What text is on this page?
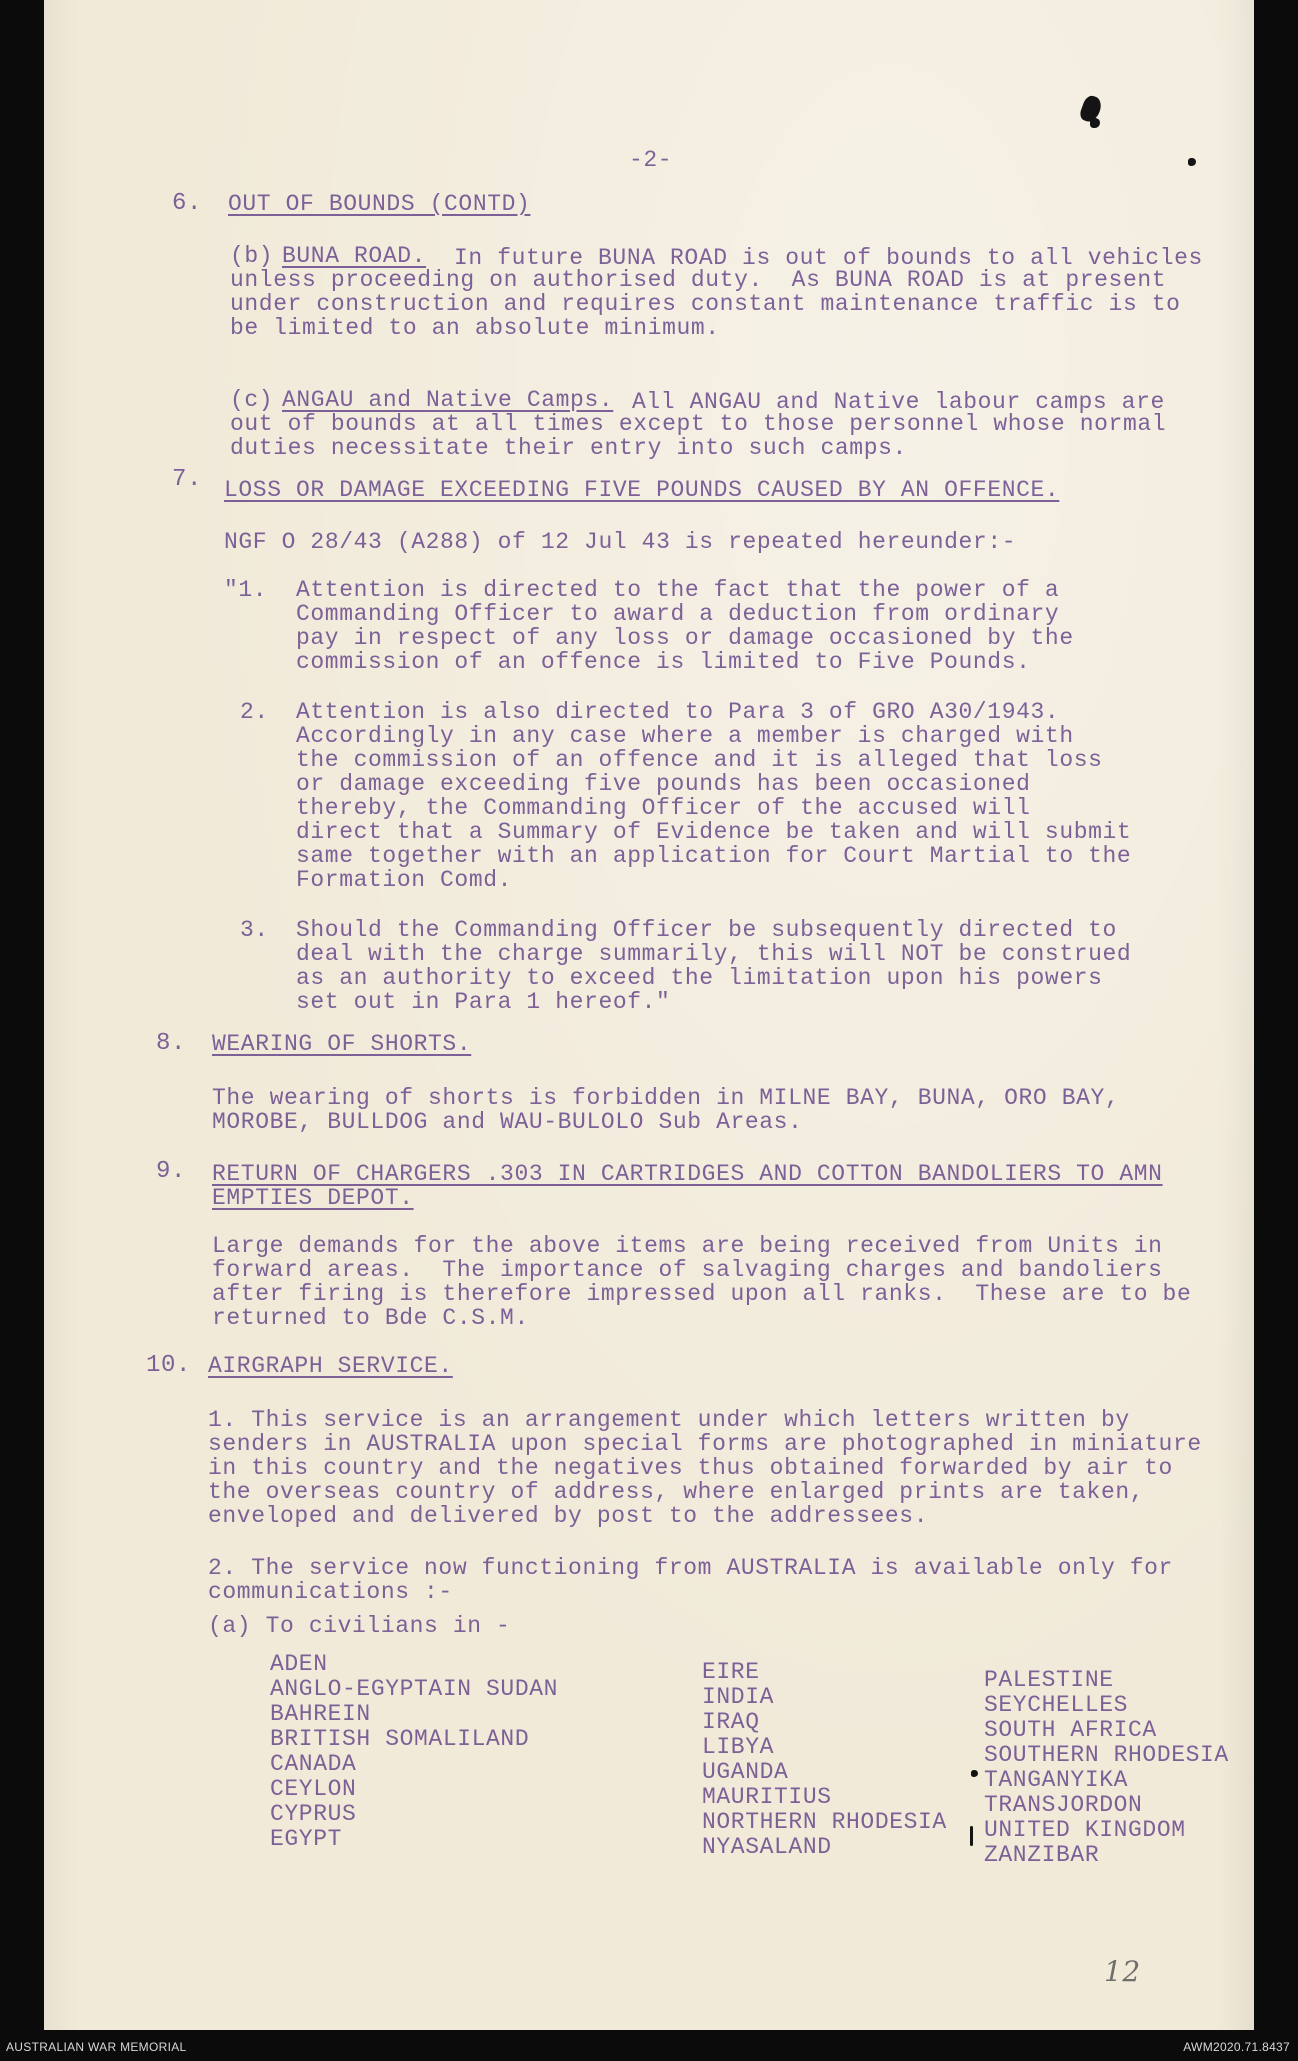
-2-
6. OUT OF BOUNDS (CONTD)
(b) BUNA ROAD. In future BUNA ROAD is out of bounds to all vehicles
unless proceeding on authorised duty.  As BUNA ROAD is at present
under construction and requires constant maintenance traffic is to
be limited to an absolute minimum.
(c) ANGAU and Native Camps. All ANGAU and Native labour camps are
out of bounds at all times except to those personnel whose normal
duties necessitate their entry into such camps.
7. LOSS OR DAMAGE EXCEEDING FIVE POUNDS CAUSED BY AN OFFENCE.
NGF O 28/43 (A288) of 12 Jul 43 is repeated hereunder:-
"1. Attention is directed to the fact that the power of a
Commanding Officer to award a deduction from ordinary
pay in respect of any loss or damage occasioned by the
commission of an offence is limited to Five Pounds.
2. Attention is also directed to Para 3 of GRO A30/1943.
Accordingly in any case where a member is charged with
the commission of an offence and it is alleged that loss
or damage exceeding five pounds has been occasioned
thereby, the Commanding Officer of the accused will
direct that a Summary of Evidence be taken and will submit
same together with an application for Court Martial to the
Formation Comd.
3. Should the Commanding Officer be subsequently directed to
deal with the charge summarily, this will NOT be construed
as an authority to exceed the limitation upon his powers
set out in Para 1 hereof."
8. WEARING OF SHORTS.
The wearing of shorts is forbidden in MILNE BAY, BUNA, ORO BAY,
MOROBE, BULLDOG and WAU-BULOLO Sub Areas.
9. RETURN OF CHARGERS .303 IN CARTRIDGES AND COTTON BANDOLIERS TO AMN
EMPTIES DEPOT.
Large demands for the above items are being received from Units in
forward areas.  The importance of salvaging charges and bandoliers
after firing is therefore impressed upon all ranks.  These are to be
returned to Bde C.S.M.
10. AIRGRAPH SERVICE.
1. This service is an arrangement under which letters written by
senders in AUSTRALIA upon special forms are photographed in miniature
in this country and the negatives thus obtained forwarded by air to
the overseas country of address, where enlarged prints are taken,
enveloped and delivered by post to the addressees.
2. The service now functioning from AUSTRALIA is available only for
communications :-
(a) To civilians in -
ADEN
ANGLO-EGYPTAIN SUDAN
BAHREIN
BRITISH SOMALILAND
CANADA
CEYLON
CYPRUS
EGYPT
EIRE
INDIA
IRAQ
LIBYA
UGANDA
MAURITIUS
NORTHERN RHODESIA
NYASALAND
PALESTINE
SEYCHELLES
SOUTH AFRICA
SOUTHERN RHODESIA
TANGANYIKA
TRANSJORDON
UNITED KINGDOM
ZANZIBAR
12
AUSTRALIAN WAR MEMORIAL	AWM2020.71.8437
